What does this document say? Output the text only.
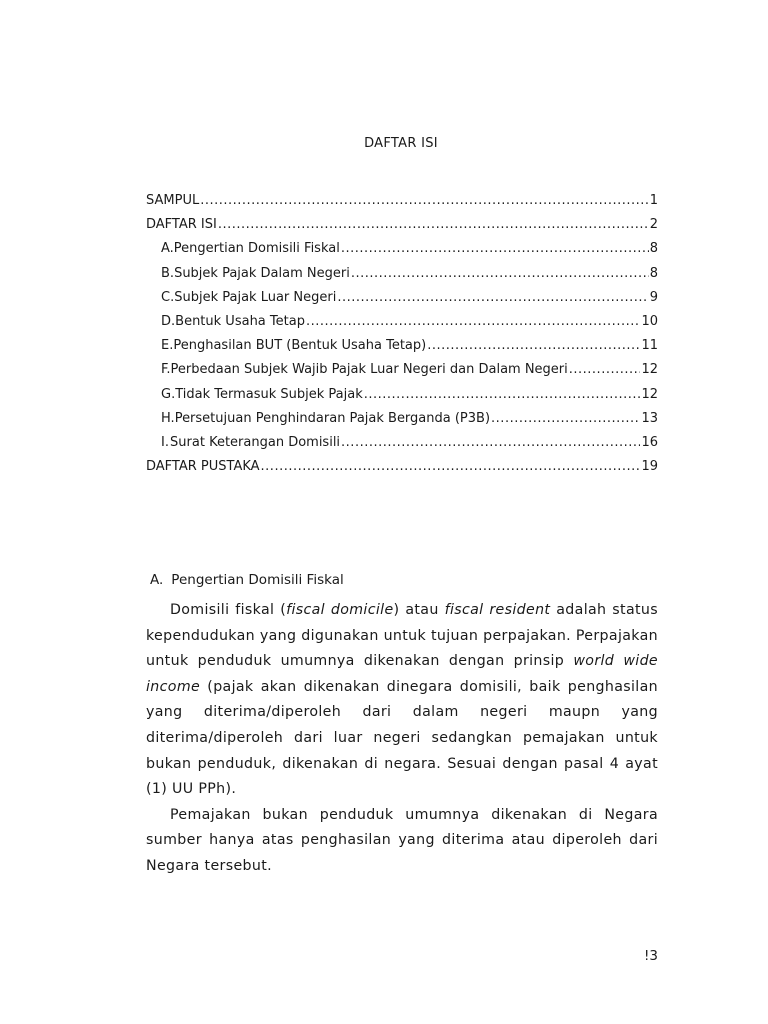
DAFTAR ISI
SAMPUL .....	1
DAFTAR ISI .....	2
A. Pengertian Domisili Fiskal .....	8
B. Subjek Pajak Dalam Negeri .....	8
C. Subjek Pajak Luar Negeri .....	9
D. Bentuk Usaha Tetap .....	10
E. Penghasilan BUT (Bentuk Usaha Tetap) .....	11
F. Perbedaan Subjek Wajib Pajak Luar Negeri dan Dalam Negeri .....	12
G. Tidak Termasuk Subjek Pajak .....	12
H. Persetujuan Penghindaran Pajak Berganda (P3B) .....	13
I. Surat Keterangan Domisili .....	16
DAFTAR PUSTAKA .....	19
A. Pengertian Domisili Fiskal

Domisili fiskal (fiscal domicile) atau fiscal resident adalah status kependudukan yang digunakan untuk tujuan perpajakan. Perpajakan untuk penduduk umumnya dikenakan dengan prinsip world wide income (pajak akan dikenakan dinegara domisili, baik penghasilan yang diterima/diperoleh dari dalam negeri maupn yang diterima/diperoleh dari luar negeri sedangkan pemajakan untuk bukan penduduk, dikenakan di negara. Sesuai dengan pasal 4 ayat (1) UU PPh).

Pemajakan bukan penduduk umumnya dikenakan di Negara sumber hanya atas penghasilan yang diterima atau diperoleh dari Negara tersebut.

!3
